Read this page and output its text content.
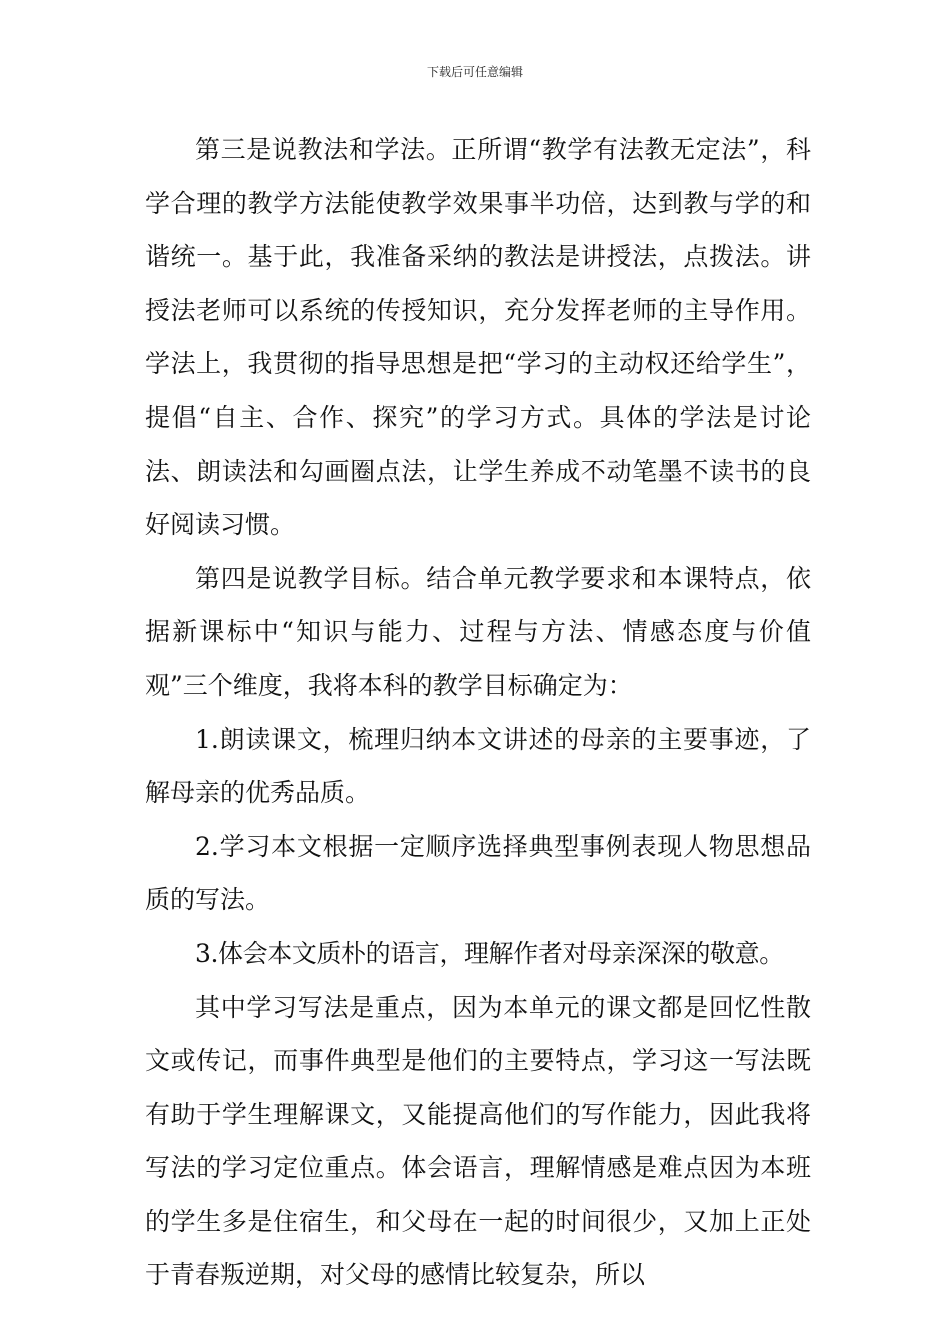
下载后可任意编辑

第三是说教法和学法。正所谓“教学有法教无定法”，科学合理的教学方法能使教学效果事半功倍，达到教与学的和谐统一。基于此，我准备采纳的教法是讲授法，点拨法。讲授法老师可以系统的传授知识，充分发挥老师的主导作用。学法上，我贯彻的指导思想是把“学习的主动权还给学生”，提倡“自主、合作、探究”的学习方式。具体的学法是讨论法、朗读法和勾画圈点法，让学生养成不动笔墨不读书的良好阅读习惯。

第四是说教学目标。结合单元教学要求和本课特点，依据新课标中“知识与能力、过程与方法、情感态度与价值观”三个维度，我将本科的教学目标确定为：

1.朗读课文，梳理归纳本文讲述的母亲的主要事迹，了解母亲的优秀品质。

2.学习本文根据一定顺序选择典型事例表现人物思想品质的写法。

3.体会本文质朴的语言，理解作者对母亲深深的敬意。

其中学习写法是重点，因为本单元的课文都是回忆性散文或传记，而事件典型是他们的主要特点，学习这一写法既有助于学生理解课文，又能提高他们的写作能力，因此我将写法的学习定位重点。体会语言，理解情感是难点因为本班的学生多是住宿生，和父母在一起的时间很少，又加上正处于青春叛逆期，对父母的感情比较复杂，所以
